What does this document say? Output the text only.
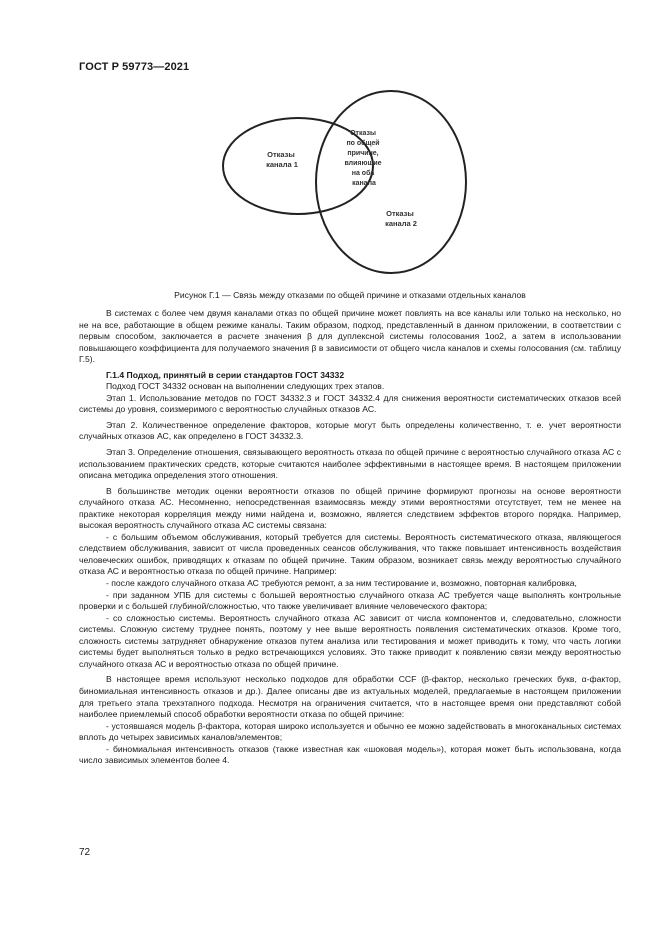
ГОСТ Р 59773—2021
Отказы канала 1
Отказы по общей причине, влияющие на оба канала
Отказы канала 2
Рисунок Г.1 — Связь между отказами по общей причине и отказами отдельных каналов

В системах с более чем двумя каналами отказ по общей причине может повлиять на все каналы или только на несколько, но не на все, работающие в общем режиме каналы. Таким образом, подход, представленный в данном приложении, в соответствии с первым способом, заключается в расчете значения β для дуплексной системы голосования 1oo2, а затем в использовании повышающего коэффициента для получаемого значения β в зависимости от общего числа каналов и схемы голосования (см. таблицу Г.5).

Г.1.4 Подход, принятый в серии стандартов ГОСТ 34332

Подход ГОСТ 34332 основан на выполнении следующих трех этапов.

Этап 1. Использование методов по ГОСТ 34332.3 и ГОСТ 34332.4 для снижения вероятности систематических отказов всей системы до уровня, соизмеримого с вероятностью случайных отказов АС.

Этап 2. Количественное определение факторов, которые могут быть определены количественно, т. е. учет вероятности случайных отказов АС, как определено в ГОСТ 34332.3.

Этап 3. Определение отношения, связывающего вероятность отказа по общей причине с вероятностью случайного отказа АС с использованием практических средств, которые считаются наиболее эффективными в настоящее время. В настоящем приложении описана методика определения этого отношения.

В большинстве методик оценки вероятности отказов по общей причине формируют прогнозы на основе вероятности случайного отказа АС. Несомненно, непосредственная взаимосвязь между этими вероятностями отсутствует, тем не менее на практике некоторая корреляция между ними найдена и, возможно, является следствием эффектов второго порядка. Например, высокая вероятность случайного отказа АС системы связана:

- с большим объемом обслуживания, который требуется для системы. Вероятность систематического отказа, являющегося следствием обслуживания, зависит от числа проведенных сеансов обслуживания, что также повышает интенсивность воздействия человеческих ошибок, приводящих к отказам по общей причине. Таким образом, возникает связь между вероятностью случайного отказа АС и вероятностью отказа по общей причине. Например:

- после каждого случайного отказа АС требуются ремонт, а за ним тестирование и, возможно, повторная калибровка,

- при заданном УПБ для системы с большей вероятностью случайного отказа АС требуется чаще выполнять контрольные проверки и с большей глубиной/сложностью, что также увеличивает влияние человеческого фактора;

- со сложностью системы. Вероятность случайного отказа АС зависит от числа компонентов и, следовательно, сложности системы. Сложную систему труднее понять, поэтому у нее выше вероятность появления систематических отказов. Кроме того, сложность системы затрудняет обнаружение отказов путем анализа или тестирования и может приводить к тому, что часть логики системы будет выполняться только в редко встречающихся условиях. Это также приводит к появлению связи между вероятностью случайного отказа АС и вероятностью отказа по общей причине.

В настоящее время используют несколько подходов для обработки CCF (β-фактор, несколько греческих букв, α-фактор, биномиальная интенсивность отказов и др.). Далее описаны две из актуальных моделей, предлагаемые в настоящем приложении для третьего этапа трехэтапного подхода. Несмотря на ограничения считается, что в настоящее время они представляют собой наиболее приемлемый способ обработки вероятности отказа по общей причине:

- устоявшаяся модель β-фактора, которая широко используется и обычно ее можно задействовать в многоканальных системах вплоть до четырех зависимых каналов/элементов;

- биномиальная интенсивность отказов (также известная как «шоковая модель»), которая может быть использована, когда число зависимых элементов более 4.

72
